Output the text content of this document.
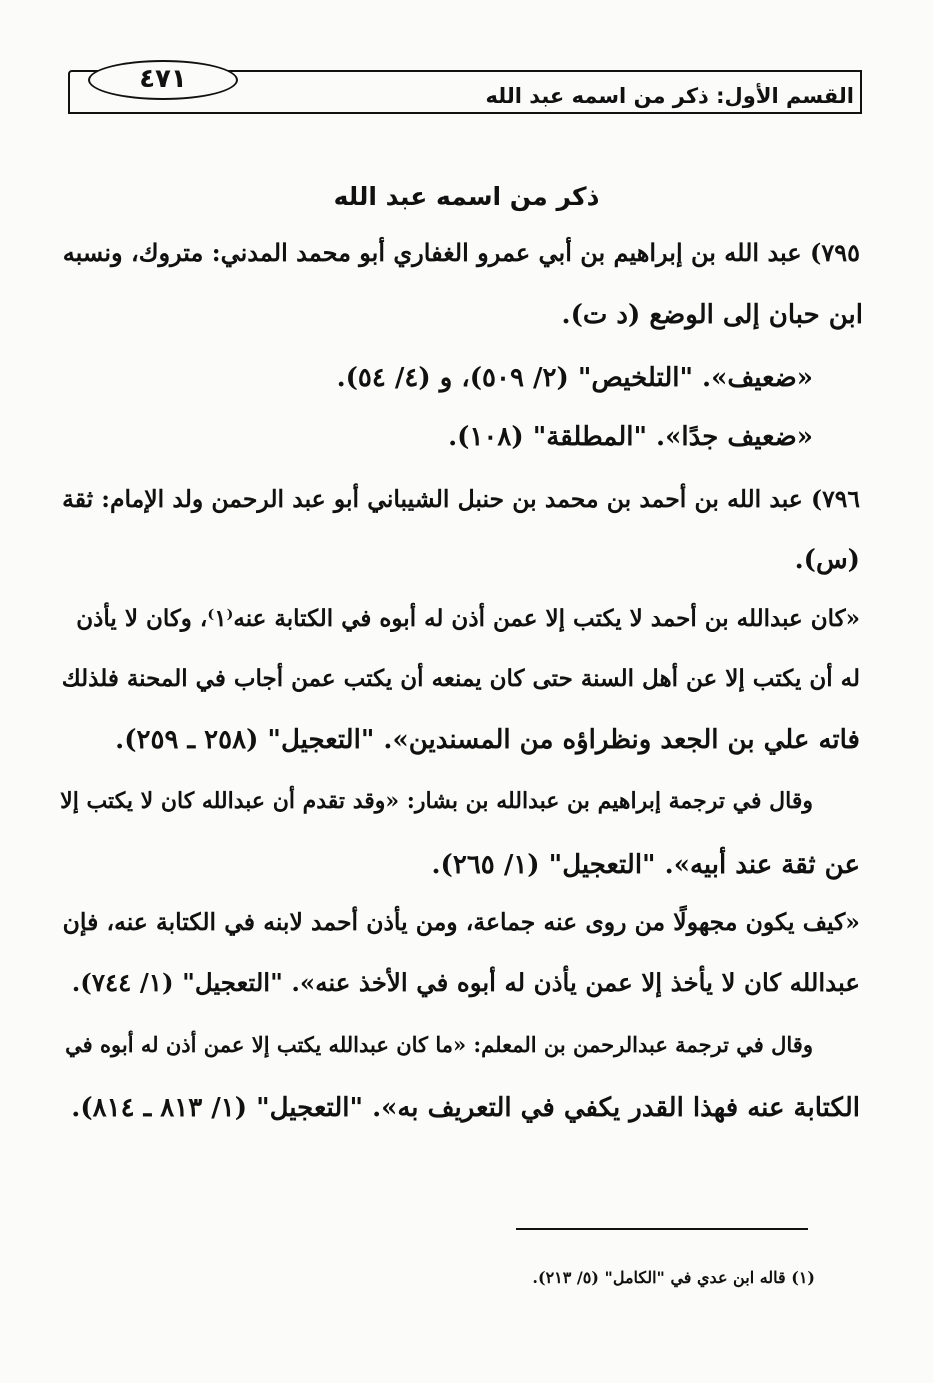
٤٧١
القسم الأول: ذكر من اسمه عبد الله
ذكر من اسمه عبد الله
٧٩٥) عبد الله بن إبراهيم بن أبي عمرو الغفاري أبو محمد المدني: متروك، ونسبه
ابن حبان إلى الوضع (د ت).
«ضعيف». "التلخيص" (٢/ ٥٠٩)، و (٤/ ٥٤).
«ضعيف جدًا». "المطلقة" (١٠٨).
٧٩٦) عبد الله بن أحمد بن محمد بن حنبل الشيباني أبو عبد الرحمن ولد الإمام: ثقة
(س).
«كان عبدالله بن أحمد لا يكتب إلا عمن أذن له أبوه في الكتابة عنه⁽١⁾، وكان لا يأذن
له أن يكتب إلا عن أهل السنة حتى كان يمنعه أن يكتب عمن أجاب في المحنة فلذلك
فاته علي بن الجعد ونظراؤه من المسندين». "التعجيل" (٢٥٨ ـ ٢٥٩).
وقال في ترجمة إبراهيم بن عبدالله بن بشار: «وقد تقدم أن عبدالله كان لا يكتب إلا
عن ثقة عند أبيه». "التعجيل" (١/ ٢٦٥).
«كيف يكون مجهولًا من روى عنه جماعة، ومن يأذن أحمد لابنه في الكتابة عنه، فإن
عبدالله كان لا يأخذ إلا عمن يأذن له أبوه في الأخذ عنه». "التعجيل" (١/ ٧٤٤).
وقال في ترجمة عبدالرحمن بن المعلم: «ما كان عبدالله يكتب إلا عمن أذن له أبوه في
الكتابة عنه فهذا القدر يكفي في التعريف به». "التعجيل" (١/ ٨١٣ ـ ٨١٤).
(١) قاله ابن عدي في "الكامل" (٥/ ٢١٣).
